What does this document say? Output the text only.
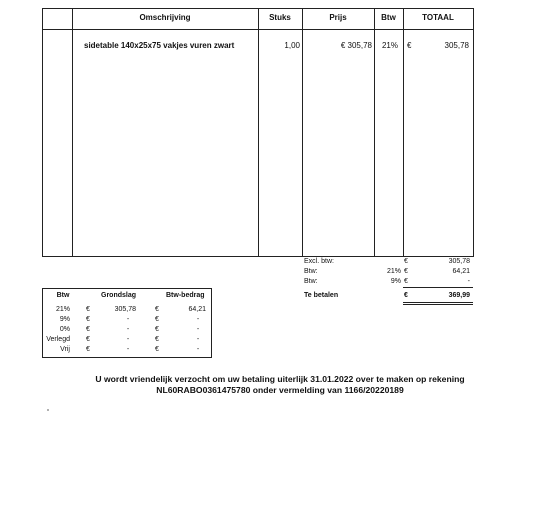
Omschrijving	Stuks	Prijs	Btw	TOTAAL
sidetable 140x25x75 vakjes vuren zwart	1,00	€ 305,78	21% €	305,78
Excl. btw:	€	305,78
Btw:	21% €	64,21
Btw:	9% €	-
Te betalen	€	369,99
Btw	Grondslag	Btw-bedrag
21% €	305,78	€	64,21
9% €	-	€	-
0% €	-	€	-
Verlegd €	-	€	-
Vrij €	-	€	-
U wordt vriendelijk verzocht om uw betaling uiterlijk 31.01.2022 over te maken op rekening
NL60RABO0361475780 onder vermelding van 1166/20220189
